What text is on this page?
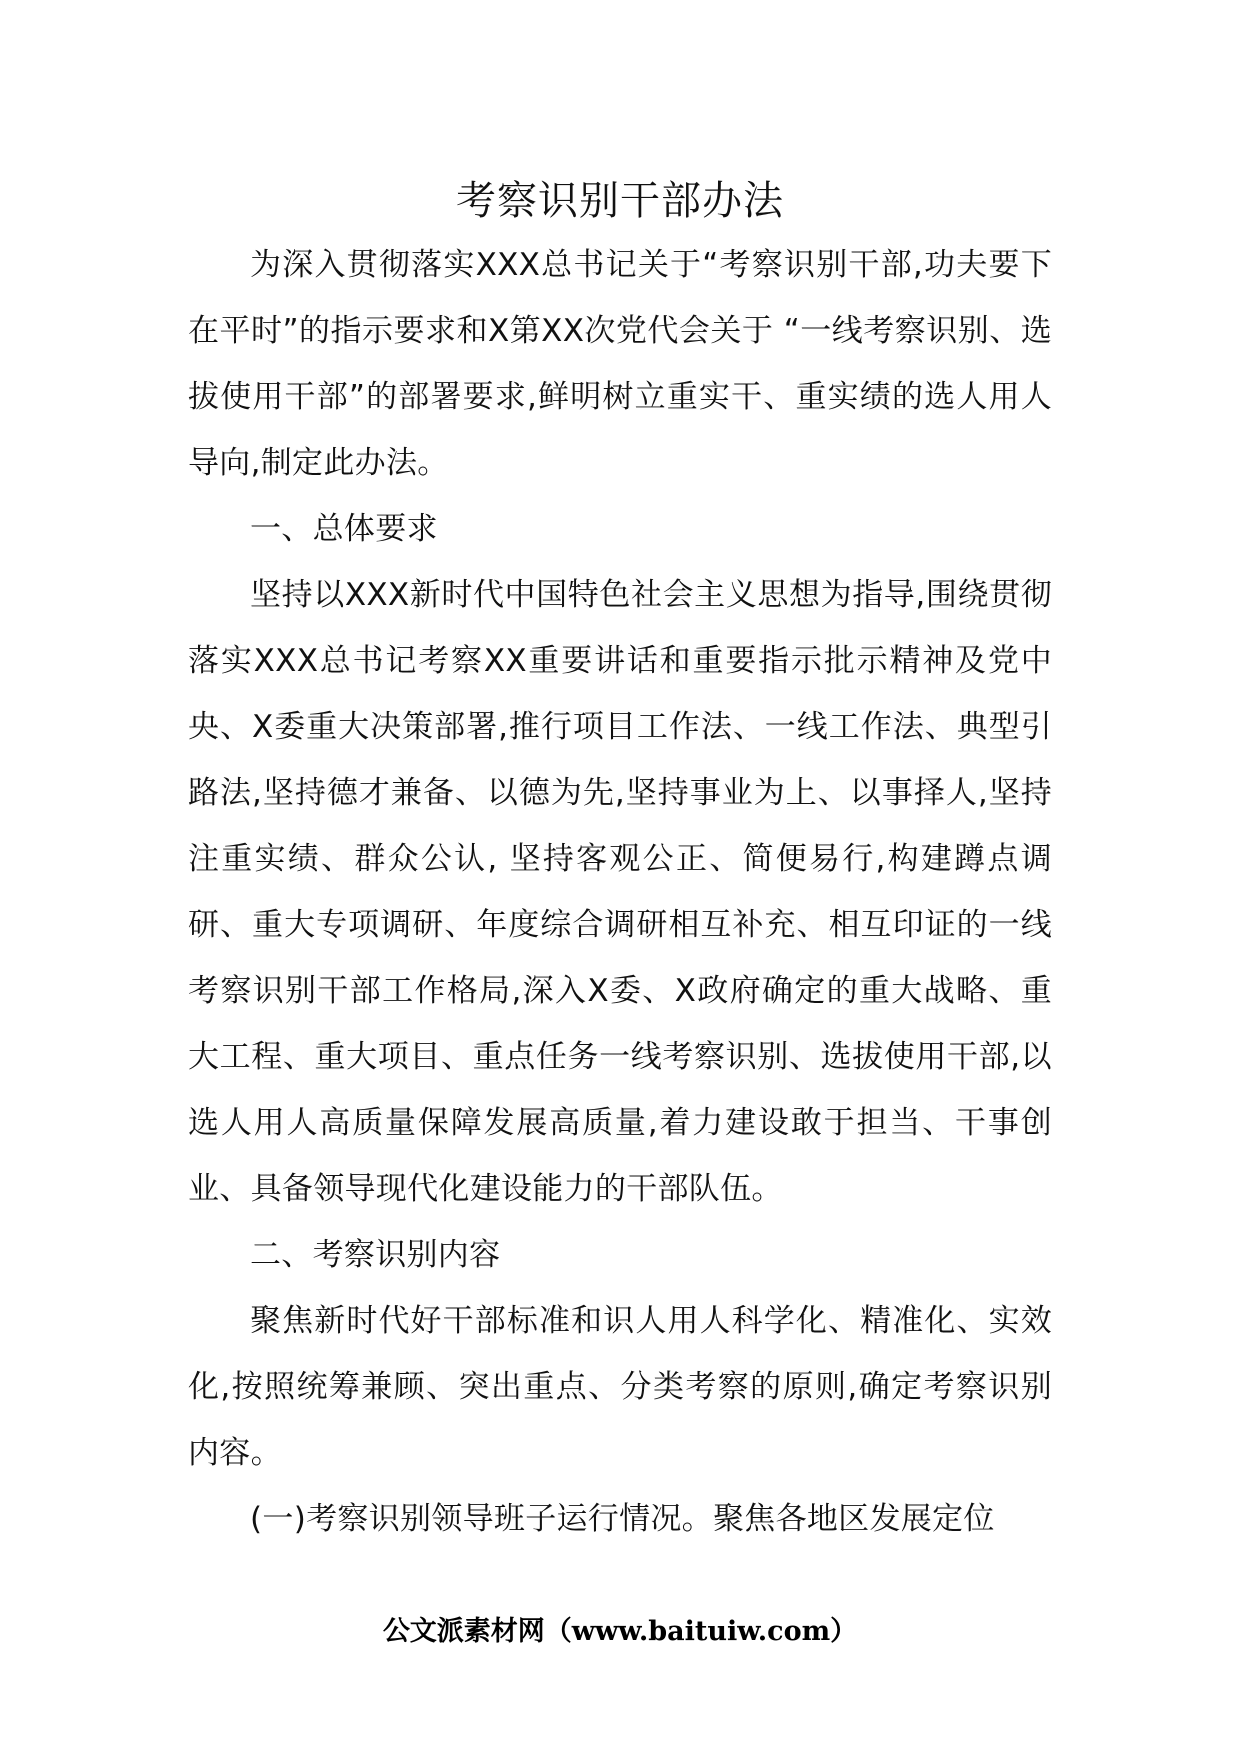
考察识别干部办法

为深入贯彻落实XXX总书记关于“考察识别干部,功夫要下在平时”的指示要求和X第XX次党代会关于 “一线考察识别、选拔使用干部”的部署要求,鲜明树立重实干、重实绩的选人用人导向,制定此办法。

一、总体要求

坚持以XXX新时代中国特色社会主义思想为指导,围绕贯彻落实XXX总书记考察XX重要讲话和重要指示批示精神及党中央、X委重大决策部署,推行项目工作法、一线工作法、典型引路法,坚持德才兼备、以德为先,坚持事业为上、以事择人,坚持注重实绩、群众公认, 坚持客观公正、简便易行,构建蹲点调研、重大专项调研、年度综合调研相互补充、相互印证的一线考察识别干部工作格局,深入X委、X政府确定的重大战略、重大工程、重大项目、重点任务一线考察识别、选拔使用干部,以选人用人高质量保障发展高质量,着力建设敢于担当、干事创业、具备领导现代化建设能力的干部队伍。

二、考察识别内容

聚焦新时代好干部标准和识人用人科学化、精准化、实效化,按照统筹兼顾、突出重点、分类考察的原则,确定考察识别内容。

(一)考察识别领导班子运行情况。聚焦各地区发展定位

公文派素材网（www.baituiw.com）
